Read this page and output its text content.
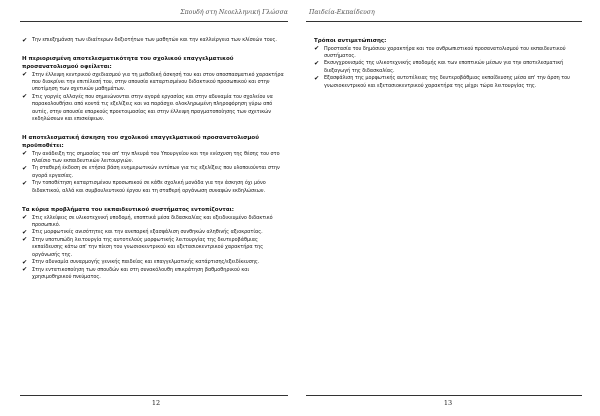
Σπουδή στη Νεοελληνική Γλώσσα
✔ Την επιεξημάνση των ιδιαίτερων δεξιοτήτων των μαθητών και την καλλιέργεια των κλίσεών τους.

Η περιορισμένη αποτελεσματικότητα του σχολικού επαγγελματικού προσανατολισμού οφείλεται:

✔ Στην έλλειψη κεντρικού σχεδιασμού για τη μεθοδική άσκησή του και στον αποσπασματικό χαρακτήρα που διακρίνει την επιτέλεσή του, στην απουσία καταρτισμένου διδακτικού προσωπικού και στην υποτίμηση των σχετικών μαθημάτων.
✔ Στις γοργές αλλαγές που σημειώνονται στην αγορά εργασίας και στην αδυναμία του σχολείου να παρακολουθήσει από κοντά τις εξελίξεις και να παράσχει ολοκληρωμένη πληροφόρηση γύρω από αυτές, στην απουσία επαρκούς προετοιμασίας και στην έλλειψη πραγματοποίησης των σχετικών εκδηλώσεων και επισκέψεων.

Η αποτελεσματική άσκηση του σχολικού επαγγελματικού προσανατολισμού προϋποθέτει:

✔ Την ανάδειξη της σημασίας του απ' την πλευρά του Υπουργείου και την ενίσχυση της θέσης του στο πλαίσιο των εκπαιδευτικών λειτουργιών.
✔ Τη σταθερή έκδοση σε ετήσια βάση ενημερωτικών εντύπων για τις εξελίξεις που υλοποιούνται στην αγορά εργασίας.
✔ Την τοποθέτηση καταρτισμένου προσωπικού σε κάθε σχολική μονάδα για την άσκηση όχι μόνο διδακτικού, αλλά και συμβουλευτικού έργου και τη σταθερή οργάνωση συναφών εκδηλώσεων.

Τα κύρια προβλήματα του εκπαιδευτικού συστήματος εντοπίζονται:

✔ Στις ελλείψεις σε υλικοτεχνική υποδομή, εποπτικά μέσα διδασκαλίας και εξειδικευμένο διδακτικό προσωπικό.
✔ Στις μορφωτικές ανισότητες και την ανεπαρκή εξασφάλιση συνθηκών αληθινής αξιοκρατίας.
✔ Στην υποτυπώδη λειτουργία της αυτοτελούς μορφωτικής λειτουργίας της δευτεροβάθμιας εκπαίδευσης κάτω απ' την πίεση του γνωσιοκεντρικού και εξετασιοκεντρικού χαρακτήρα της οργάνωσής της.
✔ Στην αδυναμία συναρμογής γενικής παιδείας και επαγγελματικής κατάρτισης/εξειδίκευσης.
✔ Στην εντατικοποίηση των σπουδών και στη συνακόλουθη επικράτηση βαθμοθηρικού και χρησιμοθηρικού πνεύματος.
12
Παιδεία-Εκπαίδευση

Τρόποι αντιμετώπισης:

✔ Προστασία του δημόσιου χαρακτήρα και του ανθρωπιστικού προσανατολισμού του εκπαιδευτικού συστήματος.
✔ Εκσυγχρονισμός της υλικοτεχνικής υποδομής και των εποπτικών μέσων για την αποτελεσματική διεξαγωγή της διδασκαλίας.
✔ Εξασφάλιση της μορφωτικής αυτοτέλειας της δευτεροβάθμιας εκπαίδευσης μέσα απ' την άρση του γνωσιοκεντρικού και εξετασιοκεντρικού χαρακτήρα της μέχρι τώρα λειτουργίας της.
13
